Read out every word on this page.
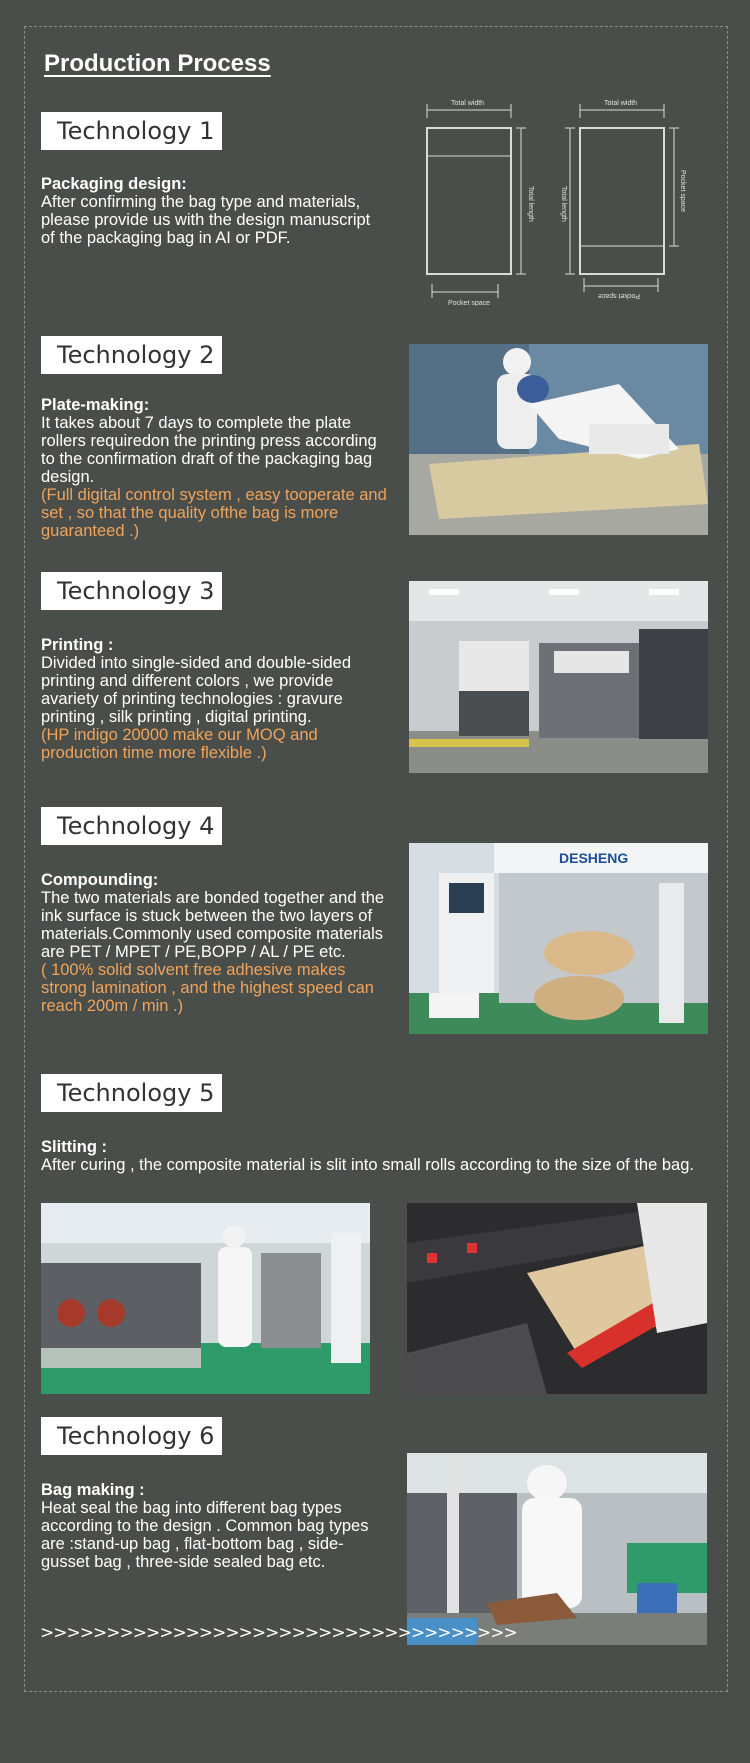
Production Process
Technology 1
Packaging design:
After confirming the bag type and materials, please provide us with the design manuscript of the packaging bag in AI or PDF.
Total width	Total width
Total length	Total length	Pocket space
Pocket space
Pocket space
Technology 2
Plate-making:
It takes about 7 days to complete the plate rollers requiredon the printing press according to the confirmation draft of the packaging bag design.
(Full digital control system , easy tooperate and set , so that the quality ofthe bag is more guaranteed .)
Technology 3
Printing :
Divided into single-sided and double-sided printing and different colors , we provide avariety of printing technologies : gravure printing , silk printing , digital printing.
(HP indigo 20000 make our MOQ and production time more flexible .)
Technology 4
Compounding:
The two materials are bonded together and the ink surface is stuck between the two layers of materials.Commonly used composite materials are PET / MPET / PE,BOPP / AL / PE etc.
( 100% solid solvent free adhesive makes strong lamination , and the highest speed can reach 200m / min .)
DESHENG
Technology 5
Slitting :
After curing , the composite material is slit into small rolls according to the size of the bag.
Technology 6
Bag making :
Heat seal the bag into different bag types according to the design . Common bag types are :stand-up bag , flat-bottom bag , side-gusset bag , three-side sealed bag etc.
>>>>>>>>>>>>>>>>>>>>>>>>>>>>>>>>>>>>
